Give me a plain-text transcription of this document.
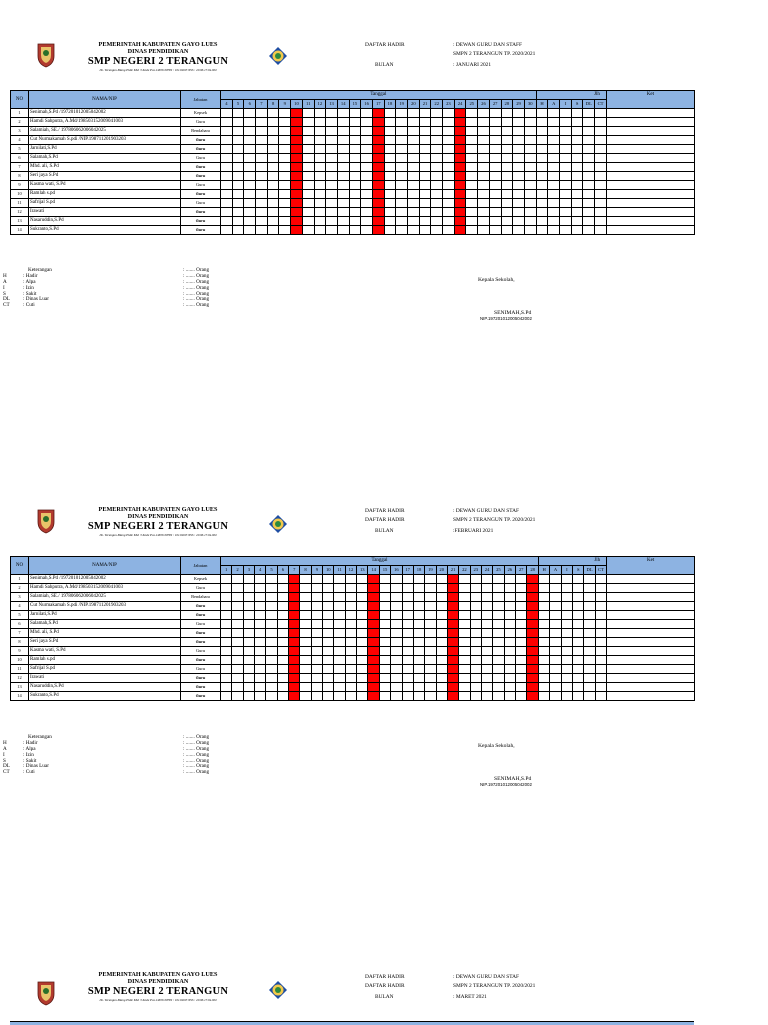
PEMERINTAH KABUPATEN GAYO LUES
DINAS PENDIDIKAN
SMP NEGERI 2 TERANGUN
Jln. Terangun-Blang Pidie KM. 3 Kode Pos 24656 NPSN : 10119203 NSS : 20.06.17.04.002
DAFTAR HADIR	: DEWAN GURU DAN STAFF
SMPN 2 TERANGUN TP. 2020/2021
BULAN	: JANUARI 2021
NO	NAMA/NIP	Jabatan	Tanggal																											Jlh						Ket
			4	5	6	7	8	9	10	11	12	13	14	15	16	17	18	19	20	21	22	23	24	25	26	27	28	29	30	H	A	I	S	DL	CT	
1	Senimah,S.Pd /197201012005042002	Kepsek																																		
2	Hamdi Sahputra, A.Md/198503152009041003	Guru																																		
3	Salamiah, SE./ 197806062006042025	Bendahara																																		
4	Cut Nurmakamah S.pdi /NIP.198711201903203	Guru																																		
5	Jarnilati,S.Pd	Guru																																		
6	Salamah,S.Pd	Guru																																		
7	Mhd. ali, S.Pd	Guru																																		
8	Seri jaya S.Pd	Guru																																		
9	Kasma wati, S.Pd	Guru																																		
10	Ramlah s.pd	Guru																																		
11	Safrijal S.pd	Guru																																		
12	Irawati	Guru																																		
13	Nasaruddin,S.Pd	Guru																																		
14	Sukranto,S.Pd	Guru																																		
Keterangan	: ....... Orang
H	: Hadir	: ....... Orang
A	: Alpa	: ....... Orang
I	: Izin	: ....... Orang
S	: Sakit	: ....... Orang
DL	: Dinas Luar	: ....... Orang
CT	: Cuti	: ....... Orang
Kepala Sekolah,
SENIMAH,S.Pd
NIP.197201012005042002
PEMERINTAH KABUPATEN GAYO LUES
DINAS PENDIDIKAN
SMP NEGERI 2 TERANGUN
Jln. Terangun-Blang Pidie KM. 3 Kode Pos 24656 NPSN : 10119203 NSS : 20.06.17.04.002
DAFTAR HADIR	: DEWAN GURU DAN STAF
DAFTAR HADIR	SMPN 2 TERANGUN TP. 2020/2021
BULAN	:FEBRUARI 2021
NO	NAMA/NIP	Jabatan	Tanggal																												Jlh						Ket
			1	2	3	4	5	6	7	8	9	10	11	12	13	14	15	16	17	18	19	20	21	22	23	24	25	26	27	28	H	A	I	S	DL	CT	
1	Senimah,S.Pd /197201012005042002	Kepsek																																			
2	Hamdi Sahputra, A.Md/198503152009041003	Guru																																			
3	Salamiah, SE./ 197806062006042025	Bendahara																																			
4	Cut Nurmakamah S.pdi /NIP.198711201903203	Guru																																			
5	Jarnilati,S.Pd	Guru																																			
6	Salamah,S.Pd	Guru																																			
7	Mhd. ali, S.Pd	Guru																																			
8	Seri jaya S.Pd	Guru																																			
9	Kasma wati, S.Pd	Guru																																			
10	Ramlah s.pd	Guru																																			
11	Safrijal S.pd	Guru																																			
12	Irawati	Guru																																			
13	Nasaruddin,S.Pd	Guru																																			
14	Sukranto,S.Pd	Guru																																			
Keterangan	: ....... Orang
H	: Hadir	: ....... Orang
A	: Alpa	: ....... Orang
I	: Izin	: ....... Orang
S	: Sakit	: ....... Orang
DL	: Dinas Luar	: ....... Orang
CT	: Cuti	: ....... Orang
Kepala Sekolah,
SENIMAH,S.Pd
NIP.197201012005042002
PEMERINTAH KABUPATEN GAYO LUES
DINAS PENDIDIKAN
SMP NEGERI 2 TERANGUN
Jln. Terangun-Blang Pidie KM. 3 Kode Pos 24656 NPSN : 10119203 NSS : 20.06.17.04.002
DAFTAR HADIR	: DEWAN GURU DAN STAF
DAFTAR HADIR	SMPN 2 TERANGUN TP. 2020/2021
BULAN	: MARET 2021
